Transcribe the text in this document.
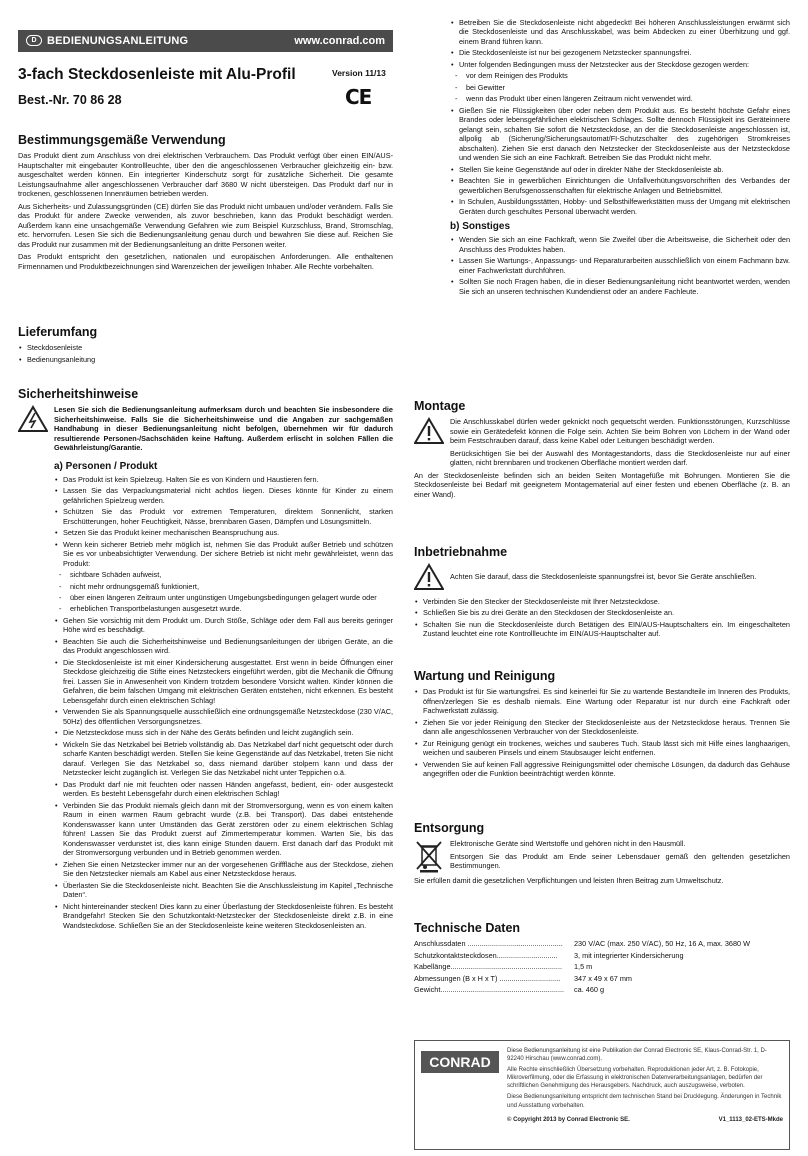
D BEDIENUNGSANLEITUNG	www.conrad.com
3-fach Steckdosenleiste mit Alu-Profil
Best.-Nr. 70 86 28
Version 11/13
CE
Bestimmungsgemäße Verwendung

Das Produkt dient zum Anschluss von drei elektrischen Verbrauchern. Das Produkt verfügt über einen EIN/AUS-Hauptschalter mit eingebauter Kontrollleuchte, über den die angeschlossenen Verbraucher gleichzeitig ein- bzw. ausgeschaltet werden können. Ein integrierter Kinderschutz sorgt für zusätzliche Sicherheit. Die gesamte Leistungsaufnahme aller angeschlossenen Verbraucher darf 3680 W nicht übersteigen. Das Produkt darf nur in trockenen, geschlossenen Innenräumen betrieben werden.

Aus Sicherheits- und Zulassungsgründen (CE) dürfen Sie das Produkt nicht umbauen und/oder verändern. Falls Sie das Produkt für andere Zwecke verwenden, als zuvor beschrieben, kann das Produkt beschädigt werden. Außerdem kann eine unsachgemäße Verwendung Gefahren wie zum Beispiel Kurzschluss, Brand, Stromschlag, etc. hervorrufen. Lesen Sie sich die Bedienungsanleitung genau durch und bewahren Sie diese auf. Reichen Sie das Produkt nur zusammen mit der Bedienungsanleitung an dritte Personen weiter.

Das Produkt entspricht den gesetzlichen, nationalen und europäischen Anforderungen. Alle enthaltenen Firmennamen und Produktbezeichnungen sind Warenzeichen der jeweiligen Inhaber. Alle Rechte vorbehalten.

Lieferumfang
• Steckdosenleiste
• Bedienungsanleitung
Sicherheitshinweise

Lesen Sie sich die Bedienungsanleitung aufmerksam durch und beachten Sie insbesondere die Sicherheitshinweise. Falls Sie die Sicherheitshinweise und die Angaben zur sachgemäßen Handhabung in dieser Bedienungsanleitung nicht befolgen, übernehmen wir für dadurch resultierende Personen-/Sachschäden keine Haftung. Außerdem erlischt in solchen Fällen die Gewährleistung/Garantie.

a) Personen / Produkt
• Das Produkt ist kein Spielzeug. Halten Sie es von Kindern und Haustieren fern.
• Lassen Sie das Verpackungsmaterial nicht achtlos liegen. Dieses könnte für Kinder zu einem gefährlichen Spielzeug werden.
• Schützen Sie das Produkt vor extremen Temperaturen, direktem Sonnenlicht, starken Erschütterungen, hoher Feuchtigkeit, Nässe, brennbaren Gasen, Dämpfen und Lösungsmitteln.
• Setzen Sie das Produkt keiner mechanischen Beanspruchung aus.
• Wenn kein sicherer Betrieb mehr möglich ist, nehmen Sie das Produkt außer Betrieb und schützen Sie es vor unbeabsichtigter Verwendung. Der sichere Betrieb ist nicht mehr gewährleistet, wenn das Produkt:
- sichtbare Schäden aufweist,
- nicht mehr ordnungsgemäß funktioniert,
- über einen längeren Zeitraum unter ungünstigen Umgebungsbedingungen gelagert wurde oder
- erheblichen Transportbelastungen ausgesetzt wurde.
• Gehen Sie vorsichtig mit dem Produkt um. Durch Stöße, Schläge oder dem Fall aus bereits geringer Höhe wird es beschädigt.
• Beachten Sie auch die Sicherheitshinweise und Bedienungsanleitungen der übrigen Geräte, an die das Produkt angeschlossen wird.
• Die Steckdosenleiste ist mit einer Kindersicherung ausgestattet. Erst wenn in beide Öffnungen einer Steckdose gleichzeitig die Stifte eines Netzsteckers eingeführt werden, gibt die Mechanik die Öffnung frei. Lassen Sie in Anwesenheit von Kindern trotzdem besondere Vorsicht walten. Kinder können die Gefahren, die beim falschen Umgang mit elektrischen Geräten entstehen, nicht erkennen. Es besteht Lebensgefahr durch einen elektrischen Schlag!
• Verwenden Sie als Spannungsquelle ausschließlich eine ordnungsgemäße Netzsteckdose (230 V/AC, 50Hz) des öffentlichen Versorgungsnetzes.
• Die Netzsteckdose muss sich in der Nähe des Geräts befinden und leicht zugänglich sein.
• Wickeln Sie das Netzkabel bei Betrieb vollständig ab. Das Netzkabel darf nicht gequetscht oder durch scharfe Kanten beschädigt werden. Stellen Sie keine Gegenstände auf das Netzkabel, treten Sie nicht darauf. Verlegen Sie das Netzkabel so, dass niemand darüber stolpern kann und dass der Netzstecker leicht zugänglich ist. Verlegen Sie das Netzkabel nicht unter Teppichen o.ä.
• Das Produkt darf nie mit feuchten oder nassen Händen angefasst, bedient, ein- oder ausgesteckt werden. Es besteht Lebensgefahr durch einen elektrischen Schlag!
• Verbinden Sie das Produkt niemals gleich dann mit der Stromversorgung, wenn es von einem kalten Raum in einen warmen Raum gebracht wurde (z.B. bei Transport). Das dabei entstehende Kondenswasser kann unter Umständen das Gerät zerstören oder zu einem elektrischen Schlag führen! Lassen Sie das Produkt zuerst auf Zimmertemperatur kommen. Warten Sie, bis das Kondenswasser verdunstet ist, dies kann einige Stunden dauern. Erst danach darf das Produkt mit der Stromversorgung verbunden und in Betrieb genommen werden.
• Ziehen Sie einen Netzstecker immer nur an der vorgesehenen Grifffläche aus der Steckdose, ziehen Sie den Netzstecker niemals am Kabel aus einer Netzsteckdose heraus.
• Überlasten Sie die Steckdosenleiste nicht. Beachten Sie die Anschlussleistung im Kapitel „Technische Daten“.
• Nicht hintereinander stecken! Dies kann zu einer Überlastung der Steckdosenleiste führen. Es besteht Brandgefahr! Stecken Sie den Schutzkontakt-Netzstecker der Steckdosenleiste direkt z.B. in eine Wandsteckdose. Schließen Sie an der Steckdosenleiste keine weiteren Steckdosenleisten an.
• Betreiben Sie die Steckdosenleiste nicht abgedeckt! Bei höheren Anschlussleistungen erwärmt sich die Steckdosenleiste und das Anschlusskabel, was beim Abdecken zu einer Überhitzung und ggf. einem Brand führen kann.
• Die Steckdosenleiste ist nur bei gezogenem Netzstecker spannungsfrei.
• Unter folgenden Bedingungen muss der Netzstecker aus der Steckdose gezogen werden:
- vor dem Reinigen des Produkts
- bei Gewitter
- wenn das Produkt über einen längeren Zeitraum nicht verwendet wird.
• Gießen Sie nie Flüssigkeiten über oder neben dem Produkt aus. Es besteht höchste Gefahr eines Brandes oder lebensgefährlichen elektrischen Schlages. Sollte dennoch Flüssigkeit ins Geräteinnere gelangt sein, schalten Sie sofort die Netzsteckdose, an der die Steckdosenleiste angeschlossen ist, allpolig ab (Sicherung/Sicherungsautomat/FI-Schutzschalter des zugehörigen Stromkreises abschalten). Ziehen Sie erst danach den Netzstecker der Steckdosenleiste aus der Netzsteckdose und wenden Sie sich an eine Fachkraft. Betreiben Sie das Produkt nicht mehr.
• Stellen Sie keine Gegenstände auf oder in direkter Nähe der Steckdosenleiste ab.
• Beachten Sie in gewerblichen Einrichtungen die Unfallverhütungsvorschriften des Verbandes der gewerblichen Berufsgenossenschaften für elektrische Anlagen und Betriebsmittel.
• In Schulen, Ausbildungsstätten, Hobby- und Selbsthilfewerkstätten muss der Umgang mit elektrischen Geräten durch geschultes Personal überwacht werden.
b) Sonstiges
• Wenden Sie sich an eine Fachkraft, wenn Sie Zweifel über die Arbeitsweise, die Sicherheit oder den Anschluss des Produktes haben.
• Lassen Sie Wartungs-, Anpassungs- und Reparaturarbeiten ausschließlich von einem Fachmann bzw. einer Fachwerkstatt durchführen.
• Sollten Sie noch Fragen haben, die in dieser Bedienungsanleitung nicht beantwortet werden, wenden Sie sich an unseren technischen Kundendienst oder an andere Fachleute.
Montage

Die Anschlusskabel dürfen weder geknickt noch gequetscht werden. Funktionsstörungen, Kurzschlüsse sowie ein Gerätedefekt können die Folge sein. Achten Sie beim Bohren von Löchern in der Wand oder beim Festschrauben darauf, dass keine Kabel oder Leitungen beschädigt werden.

Berücksichtigen Sie bei der Auswahl des Montagestandorts, dass die Steckdosenleiste nur auf einer glatten, nicht brennbaren und trockenen Oberfläche montiert werden darf.

An der Steckdosenleiste befinden sich an beiden Seiten Montagefüße mit Bohrungen. Montieren Sie die Steckdosenleiste bei Bedarf mit geeignetem Montagematerial auf einer festen und ebenen Oberfläche (z. B. an einer Wand).

Inbetriebnahme

Achten Sie darauf, dass die Steckdosenleiste spannungsfrei ist, bevor Sie Geräte anschließen.

• Verbinden Sie den Stecker der Steckdosenleiste mit Ihrer Netzsteckdose.
• Schließen Sie bis zu drei Geräte an den Steckdosen der Steckdosenleiste an.
• Schalten Sie nun die Steckdosenleiste durch Betätigen des EIN/AUS-Hauptschalters ein. Im eingeschalteten Zustand leuchtet eine rote Kontrollleuchte im EIN/AUS-Hauptschalter auf.
Wartung und Reinigung
• Das Produkt ist für Sie wartungsfrei. Es sind keinerlei für Sie zu wartende Bestandteile im Inneren des Produkts, öffnen/zerlegen Sie es deshalb niemals. Eine Wartung oder Reparatur ist nur durch eine Fachkraft oder Fachwerkstatt zulässig.
• Ziehen Sie vor jeder Reinigung den Stecker der Steckdosenleiste aus der Netzsteckdose heraus. Trennen Sie dann alle angeschlossenen Verbraucher von der Steckdosenleiste.
• Zur Reinigung genügt ein trockenes, weiches und sauberes Tuch. Staub lässt sich mit Hilfe eines langhaarigen, weichen und sauberen Pinsels und einem Staubsauger leicht entfernen.
• Verwenden Sie auf keinen Fall aggressive Reinigungsmittel oder chemische Lösungen, da dadurch das Gehäuse angegriffen oder die Funktion beeinträchtigt werden könnte.
Entsorgung

Elektronische Geräte sind Wertstoffe und gehören nicht in den Hausmüll.

Entsorgen Sie das Produkt am Ende seiner Lebensdauer gemäß den geltenden gesetzlichen Bestimmungen.

Sie erfüllen damit die gesetzlichen Verpflichtungen und leisten Ihren Beitrag zum Umweltschutz.

Technische Daten
Anschlussdaten ...............................................	230 V/AC (max. 250 V/AC), 50 Hz, 16 A, max. 3680 W
Schutzkontaktsteckdosen..............................	3, mit integrierter Kindersicherung
Kabellänge.......................................................	1,5 m
Abmessungen (B x H x T) ..............................	347 x 49 x 67 mm
Gewicht.............................................................	ca. 460 g
CONRAD

Diese Bedienungsanleitung ist eine Publikation der Conrad Electronic SE, Klaus-Conrad-Str. 1, D-92240 Hirschau (www.conrad.com).

Alle Rechte einschließlich Übersetzung vorbehalten. Reproduktionen jeder Art, z. B. Fotokopie, Mikroverfilmung, oder die Erfassung in elektronischen Datenverarbeitungsanlagen, bedürfen der schriftlichen Genehmigung des Herausgebers. Nachdruck, auch auszugsweise, verboten.

Diese Bedienungsanleitung entspricht dem technischen Stand bei Drucklegung. Änderungen in Technik und Ausstattung vorbehalten.

© Copyright 2013 by Conrad Electronic SE.	V1_1113_02-ETS-Mkde
